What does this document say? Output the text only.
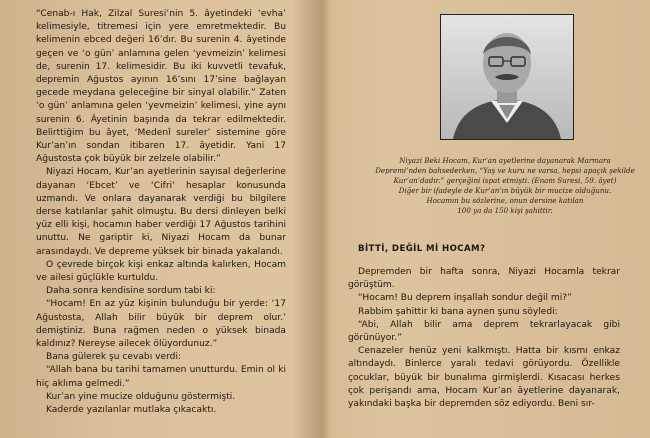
“Cenab-ı Hak, Zilzal Suresi’nin 5. âyetindeki ‘evha’ kelimesiyle, titremesi için yere emretmektedir. Bu kelimenin ebced değeri 16’dır. Bu surenin 4. âyetinde geçen ve ‘o gün’ anlamına gelen ‘yevmeizin’ kelimesi de, surenin 17. kelimesidir. Bu iki kuvvetli tevafuk, depremin Ağustos ayının 16’sını 17’sine bağlayan gecede meydana geleceğine bir sinyal olabilir.” Zaten ‘o gün’ anlamına gelen ‘yevmeizin’ kelimesi, yine aynı surenin 6. Âyetinin başında da tekrar edilmektedir. Belirttiğim bu âyet, ‘Medenî sureler’ sistemine göre Kur’an’ın sondan itibaren 17. âyetidir. Yani 17 Ağustosta çok büyük bir zelzele olabilir.”

Niyazi Hocam, Kur’an ayetlerinin sayısal değerlerine dayanan ‘Ebcet’ ve ‘Cifri’ hesaplar konusunda uzmandı. Ve onlara dayanarak verdiği bu bilgilere derse katılanlar şahit olmuştu. Bu dersi dinleyen belki yüz elli kişi, hocamın haber verdiği 17 Ağustos tarihini unuttu. Ne gariptir ki, Niyazi Hocam da bunar arasındaydı. Ve depreme yüksek bir binada yakalandı.

O çevrede birçok kişi enkaz altında kalırken, Hocam ve ailesi güçlükle kurtuldu.

Daha sonra kendisine sordum tabi ki:

“Hocam! En az yüz kişinin bulunduğu bir yerde: ‘17 Ağustosta, Allah bilir büyük bir deprem olur.’ demiştiniz. Buna rağmen neden o yüksek binada kaldınız? Nereyse ailecek ölüyordunuz.”

Bana gülerek şu cevabı verdi:

“Allah bana bu tarihi tamamen unutturdu. Emin ol ki hiç aklıma gelmedi.”

Kur’an yine mucize olduğunu göstermişti.

Kaderde yazılanlar mutlaka çıkacaktı.

Niyazi Beki Hocam, Kur’an ayetlerine dayanarak Marmara
Depremi’nden bahsederken, “Yaş ve kuru ne varsa, hepsi apaçık şekilde
Kur’an’dadır.” gerçeğini ispat etmişti. (Enam Suresi, 59. âyet)
Diğer bir ifadeyle de Kur’an’ın büyük bir mucize olduğunu.
Hocamın bu sözlerine, onun dersine katılan
100 ya da 150 kişi şahittir.
BİTTİ, DEĞİL Mİ HOCAM?

Depremden bir hafta sonra, Niyazi Hocamla tekrar görüştüm.

“Hocam! Bu deprem inşallah sondur değil mi?”

Rabbim şahittir ki bana aynen şunu söyledi:

“Abi, Allah bilir ama deprem tekrarlayacak gibi görünüyor.”

Cenazeler henüz yeni kalkmıştı. Hatta bir kısmı enkaz altındaydı. Binlerce yaralı tedavi görüyordu. Özellikle çocuklar, büyük bir bunalıma girmişlerdi. Kısacası herkes çok perişandı ama, Hocam Kur’an âyetlerine dayanarak, yakındaki başka bir depremden söz ediyordu. Beni sır-
